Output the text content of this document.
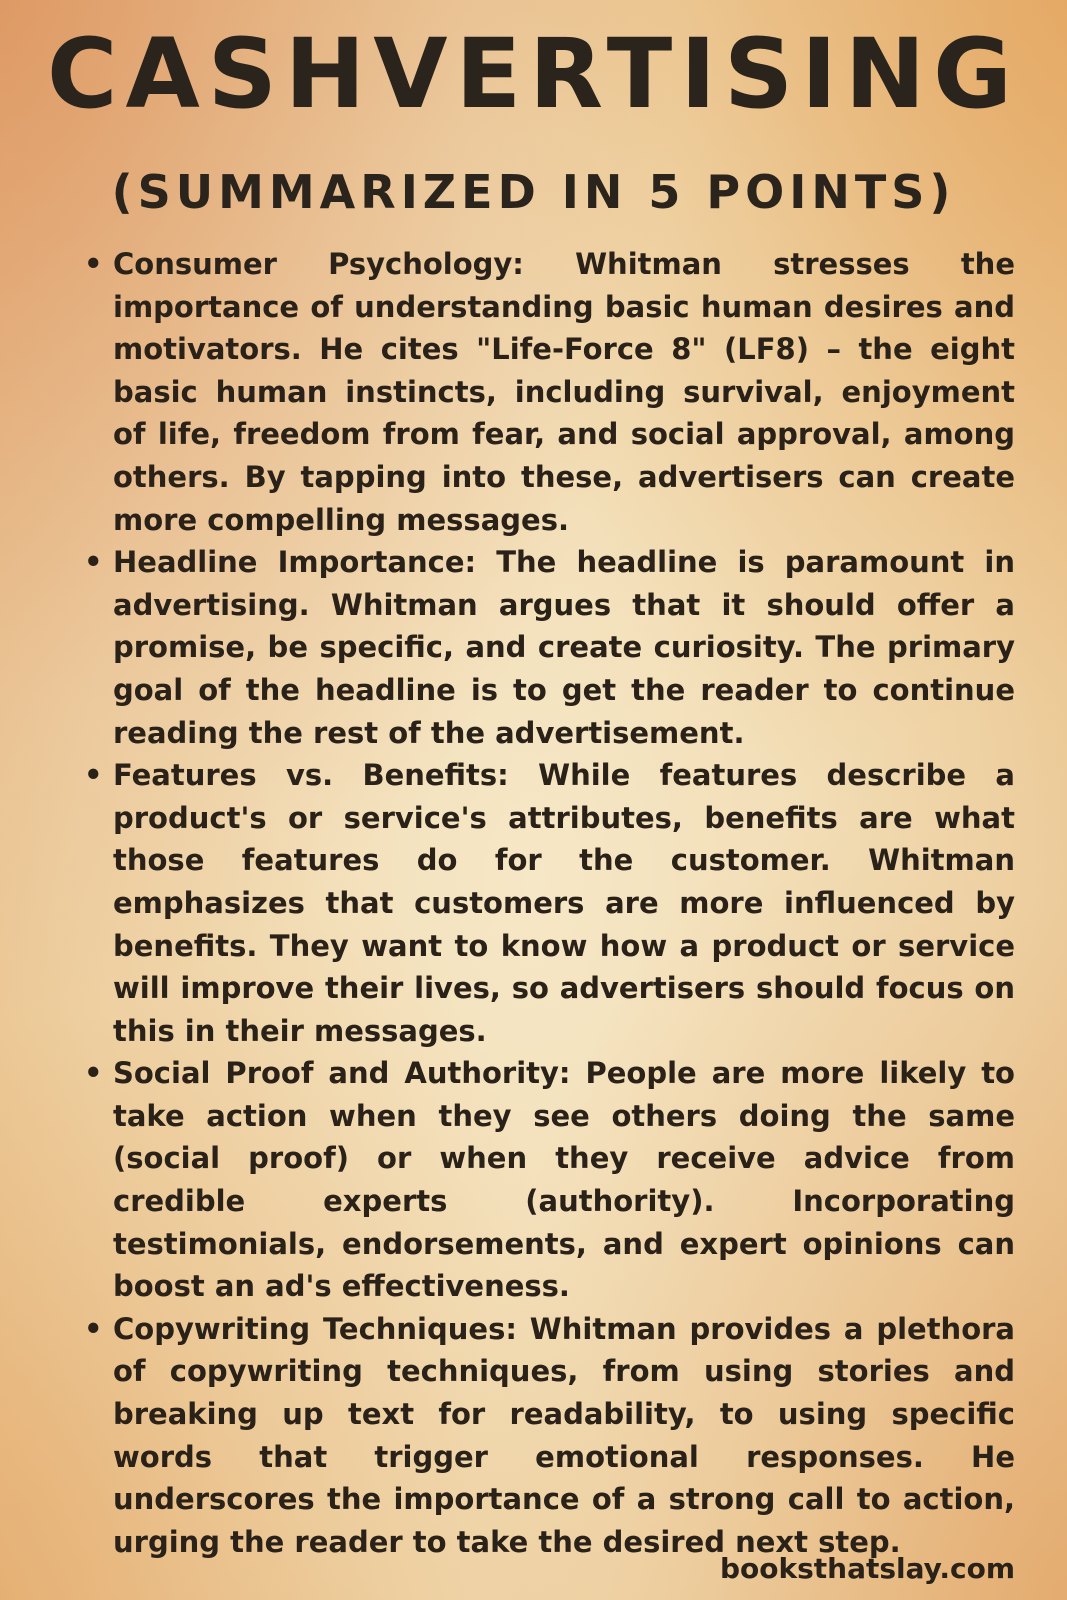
CASHVERTISING
(SUMMARIZED IN 5 POINTS)
• Consumer Psychology: Whitman stresses the importance of understanding basic human desires and motivators. He cites "Life-Force 8" (LF8) – the eight basic human instincts, including survival, enjoyment of life, freedom from fear, and social approval, among others. By tapping into these, advertisers can create more compelling messages.
• Headline Importance: The headline is paramount in advertising. Whitman argues that it should offer a promise, be specific, and create curiosity. The primary goal of the headline is to get the reader to continue reading the rest of the advertisement.
• Features vs. Benefits: While features describe a product's or service's attributes, benefits are what those features do for the customer. Whitman emphasizes that customers are more influenced by benefits. They want to know how a product or service will improve their lives, so advertisers should focus on this in their messages.
• Social Proof and Authority: People are more likely to take action when they see others doing the same (social proof) or when they receive advice from credible experts (authority). Incorporating testimonials, endorsements, and expert opinions can boost an ad's effectiveness.
• Copywriting Techniques: Whitman provides a plethora of copywriting techniques, from using stories and breaking up text for readability, to using specific words that trigger emotional responses. He underscores the importance of a strong call to action, urging the reader to take the desired next step.
booksthatslay.com
